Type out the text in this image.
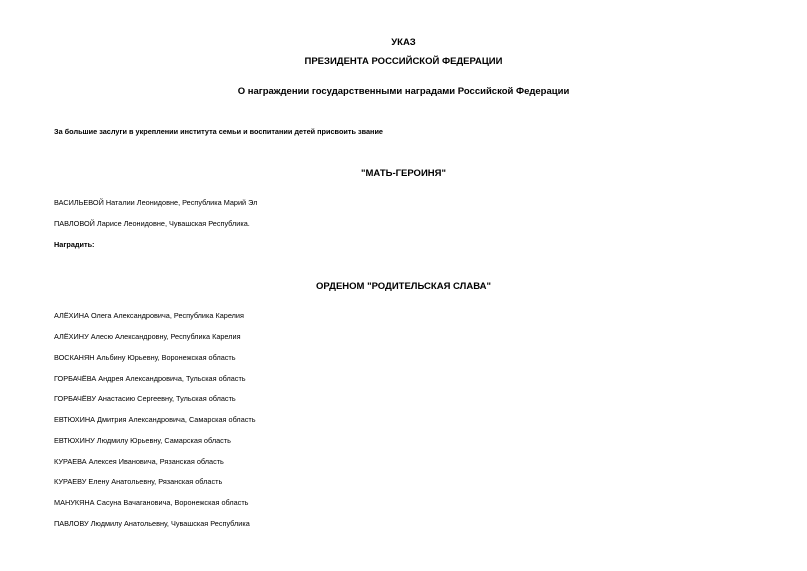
УКАЗ
ПРЕЗИДЕНТА РОССИЙСКОЙ ФЕДЕРАЦИИ
О награждении государственными наградами Российской Федерации
За большие заслуги в укреплении института семьи и воспитании детей присвоить звание
"МАТЬ-ГЕРОИНЯ"
ВАСИЛЬЕВОЙ Наталии Леонидовне, Республика Марий Эл
ПАВЛОВОЙ Ларисе Леонидовне, Чувашская Республика.
Наградить:
ОРДЕНОМ "РОДИТЕЛЬСКАЯ СЛАВА"
АЛЁХИНА Олега Александровича, Республика Карелия
АЛЁХИНУ Алесю Александровну, Республика Карелия
ВОСКАНЯН Альбину Юрьевну, Воронежская область
ГОРБАЧЁВА Андрея Александровича, Тульская область
ГОРБАЧЁВУ Анастасию Сергеевну, Тульская область
ЕВТЮХИНА Дмитрия Александровича, Самарская область
ЕВТЮХИНУ Людмилу Юрьевну, Самарская область
КУРАЕВА Алексея Ивановича, Рязанская область
КУРАЕВУ Елену Анатольевну, Рязанская область
МАНУКЯНА Сасуна Вачагановича, Воронежская область
ПАВЛОВУ Людмилу Анатольевну, Чувашская Республика
